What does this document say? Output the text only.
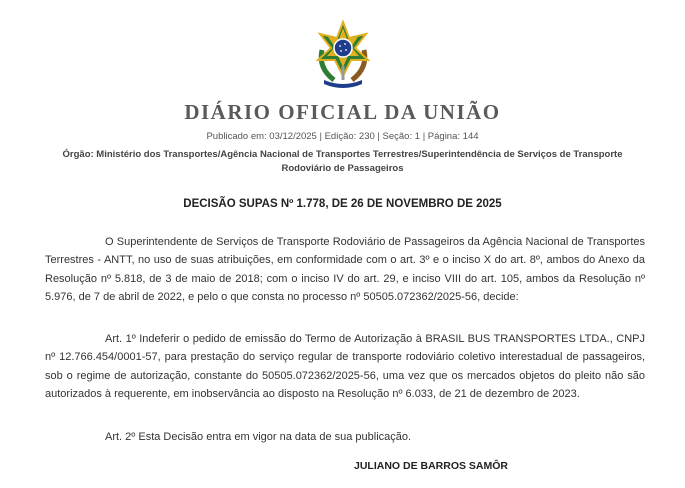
DIÁRIO OFICIAL DA UNIÃO
Publicado em: 03/12/2025 | Edição: 230 | Seção: 1 | Página: 144
Órgão: Ministério dos Transportes/Agência Nacional de Transportes Terrestres/Superintendência de Serviços de Transporte Rodoviário de Passageiros
DECISÃO SUPAS Nº 1.778, DE 26 DE NOVEMBRO DE 2025
O Superintendente de Serviços de Transporte Rodoviário de Passageiros da Agência Nacional de Transportes Terrestres - ANTT, no uso de suas atribuições, em conformidade com o art. 3º e o inciso X do art. 8º, ambos do Anexo da Resolução nº 5.818, de 3 de maio de 2018; com o inciso IV do art. 29, e inciso VIII do art. 105, ambos da Resolução nº 5.976, de 7 de abril de 2022, e pelo o que consta no processo nº 50505.072362/2025-56, decide:
Art. 1º Indeferir o pedido de emissão do Termo de Autorização à BRASIL BUS TRANSPORTES LTDA., CNPJ nº 12.766.454/0001-57, para prestação do serviço regular de transporte rodoviário coletivo interestadual de passageiros, sob o regime de autorização, constante do 50505.072362/2025-56, uma vez que os mercados objetos do pleito não são autorizados à requerente, em inobservância ao disposto na Resolução nº 6.033, de 21 de dezembro de 2023.
Art. 2º Esta Decisão entra em vigor na data de sua publicação.
JULIANO DE BARROS SAMÔR
